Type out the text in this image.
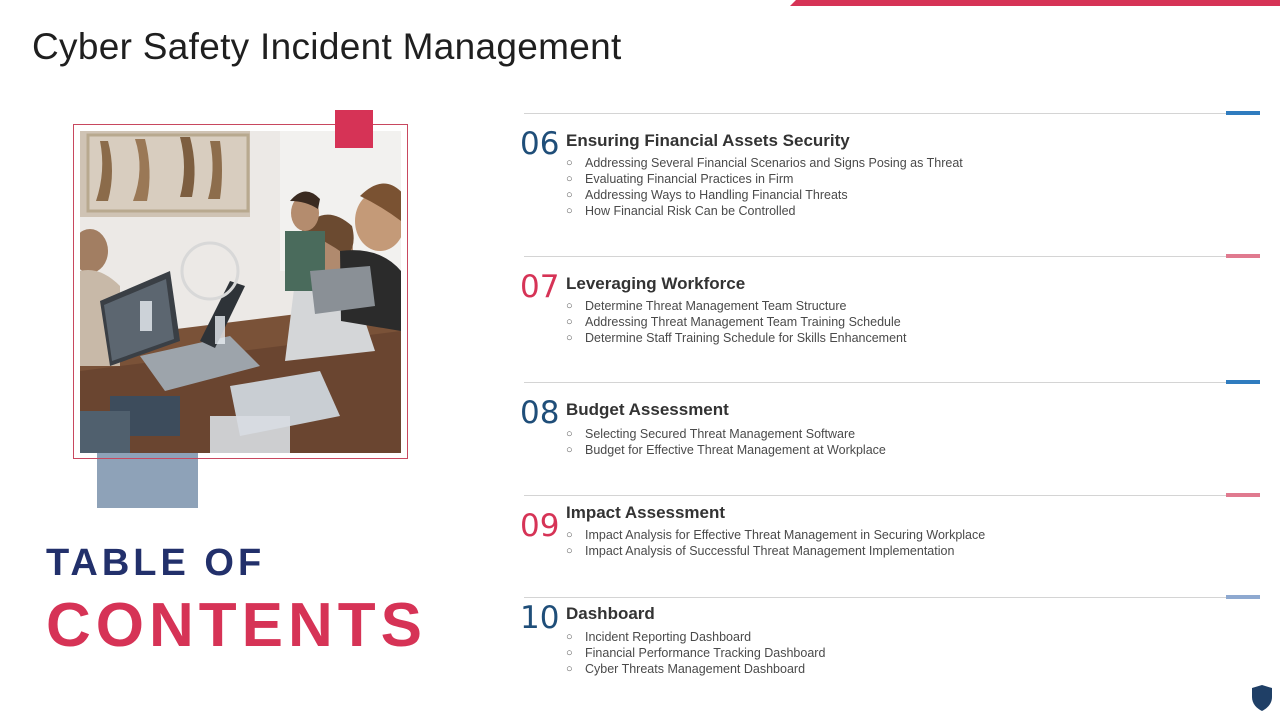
Cyber Safety Incident Management
TABLE OF
CONTENTS
06 Ensuring Financial Assets Security
○ Addressing Several Financial Scenarios and Signs Posing as Threat
○ Evaluating Financial Practices in Firm
○ Addressing Ways to Handling Financial Threats
○ How Financial Risk Can be Controlled
07 Leveraging Workforce
○ Determine Threat Management Team Structure
○ Addressing Threat Management Team Training Schedule
○ Determine Staff Training Schedule for Skills Enhancement
08 Budget Assessment
○ Selecting Secured Threat Management Software
○ Budget for Effective Threat Management at Workplace
09 Impact Assessment
○ Impact Analysis for Effective Threat Management in Securing Workplace
○ Impact Analysis of Successful Threat Management Implementation
10 Dashboard
○ Incident Reporting Dashboard
○ Financial Performance Tracking Dashboard
○ Cyber Threats Management Dashboard
